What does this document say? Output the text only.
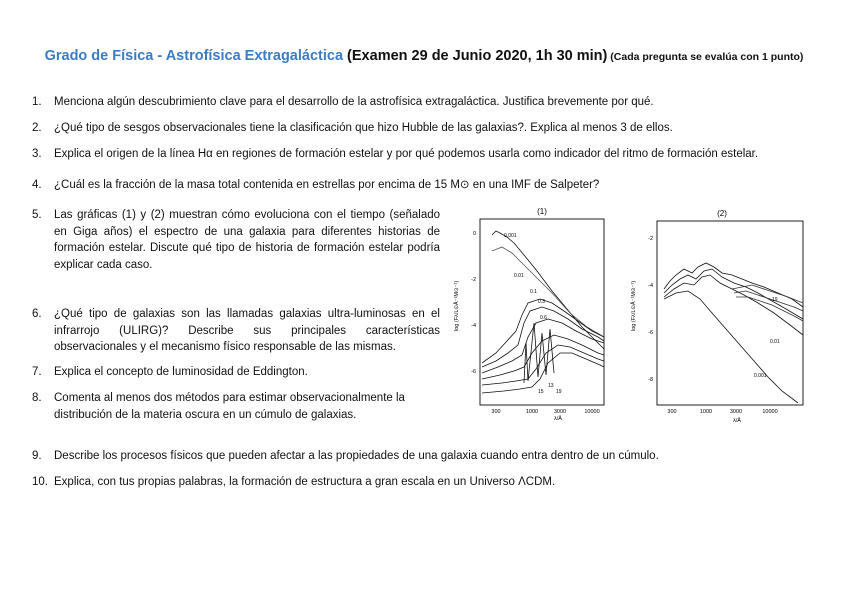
Grado de Física - Astrofísica Extragaláctica (Examen 29 de Junio 2020, 1h 30 min) (Cada pregunta se evalúa con 1 punto)
1.	Menciona algún descubrimiento clave para el desarrollo de la astrofísica extragaláctica. Justifica brevemente por qué.
2.	¿Qué tipo de sesgos observacionales tiene la clasificación que hizo Hubble de las galaxias?. Explica al menos 3 de ellos.
3.	Explica el origen de la línea Hα en regiones de formación estelar y por qué podemos usarla como indicador del ritmo de formación estelar.
4.	¿Cuál es la fracción de la masa total contenida en estrellas por encima de 15 M⊙ en una IMF de Salpeter?
5.	Las gráficas (1) y (2) muestran cómo evoluciona con el tiempo (señalado en Giga años) el espectro de una galaxia para diferentes historias de formación estelar. Discute qué tipo de historia de formación estelar podría explicar cada caso.
6.	¿Qué tipo de galaxias son las llamadas galaxias ultra-luminosas en el infrarrojo (ULIRG)? Describe sus principales características observacionales y el mecanismo físico responsable de las mismas.
7.	Explica el concepto de luminosidad de Eddington.
8.	Comenta al menos dos métodos para estimar observacionalmente la distribución de la materia oscura en un cúmulo de galaxias.
9.	Describe los procesos físicos que pueden afectar a las propiedades de una galaxia cuando entra dentro de un cúmulo.
10. Explica, con tus propias palabras, la formación de estructura a gran escala en un Universo ΛCDM.
(1)
log (Fλ/L⊙Å⁻¹M⊙⁻¹)
0
-2
-4
-6
300	1000	3000	10000
λ/Å
0.001
0.01
0.1
0.3
0.6
13
15 19
(2)
log (Fλ/L⊙Å⁻¹M⊙⁻¹)
-2
-4
-6
-8
300	1000	3000	10000
λ/Å
19
0.01
0.001
